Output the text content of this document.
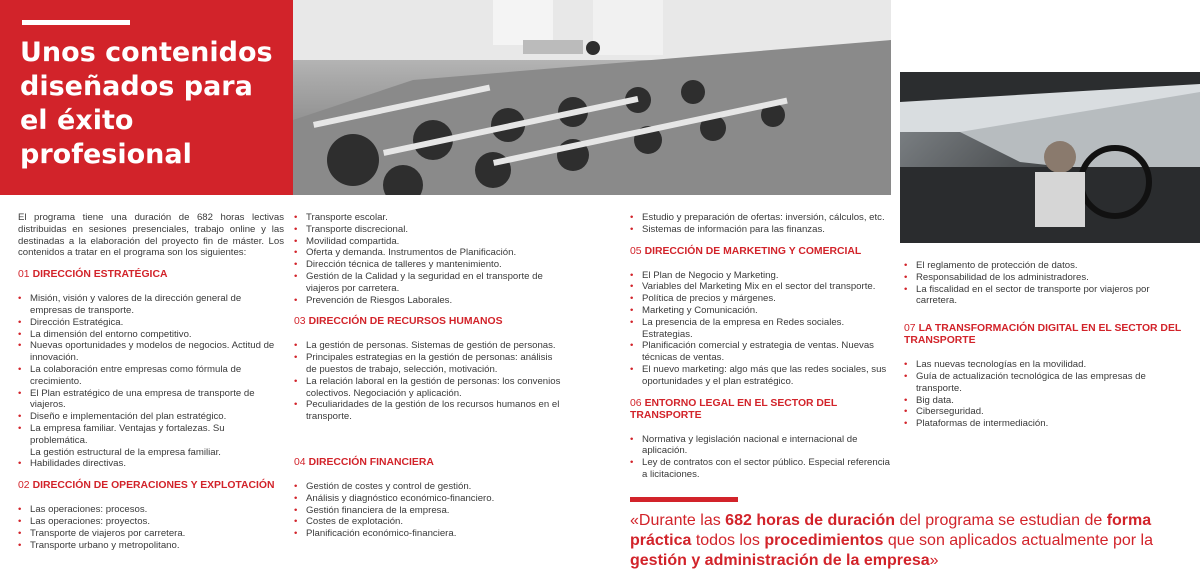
Unos contenidos diseñados para el éxito profesional

El programa tiene una duración de 682 horas lectivas distribuidas en sesiones presenciales, trabajo online y las destinadas a la elaboración del proyecto fin de máster. Los contenidos a tratar en el programa son los siguientes:

01 DIRECCIÓN ESTRATÉGICA
• Misión, visión y valores de la dirección general de empresas de transporte.
• Dirección Estratégica.
• La dimensión del entorno competitivo.
• Nuevas oportunidades y modelos de negocios. Actitud de innovación.
• La colaboración entre empresas como fórmula de crecimiento.
• El Plan estratégico de una empresa de transporte de viajeros.
• Diseño e implementación del plan estratégico.
• La empresa familiar. Ventajas y fortalezas. Su problemática.
La gestión estructural de la empresa familiar.
• Habilidades directivas.
02 DIRECCIÓN DE OPERACIONES Y EXPLOTACIÓN
• Las operaciones: procesos.
• Las operaciones: proyectos.
• Transporte de viajeros por carretera.
• Transporte urbano y metropolitano.
• Transporte escolar.
• Transporte discrecional.
• Movilidad compartida.
• Oferta y demanda. Instrumentos de Planificación.
• Dirección técnica de talleres y mantenimiento.
• Gestión de la Calidad y la seguridad en el transporte de viajeros por carretera.
• Prevención de Riesgos Laborales.
03 DIRECCIÓN DE RECURSOS HUMANOS
• La gestión de personas. Sistemas de gestión de personas.
• Principales estrategias en la gestión de personas: análisis de puestos de trabajo, selección, motivación.
• La relación laboral en la gestión de personas: los convenios colectivos. Negociación y aplicación.
• Peculiaridades de la gestión de los recursos humanos en el transporte.
04 DIRECCIÓN FINANCIERA
• Gestión de costes y control de gestión.
• Análisis y diagnóstico económico-financiero.
• Gestión financiera de la empresa.
• Costes de explotación.
• Planificación económico-financiera.
• Estudio y preparación de ofertas: inversión, cálculos, etc.
• Sistemas de información para las finanzas.
05 DIRECCIÓN DE MARKETING Y COMERCIAL
• El Plan de Negocio y Marketing.
• Variables del Marketing Mix en el sector del transporte.
• Política de precios y márgenes.
• Marketing y Comunicación.
• La presencia de la empresa en Redes sociales. Estrategias.
• Planificación comercial y estrategia de ventas. Nuevas técnicas de ventas.
• El nuevo marketing: algo más que las redes sociales, sus oportunidades y el plan estratégico.
06 ENTORNO LEGAL EN EL SECTOR DEL TRANSPORTE
• Normativa y legislación nacional e internacional de aplicación.
• Ley de contratos con el sector público. Especial referencia a licitaciones.
• El reglamento de protección de datos.
• Responsabilidad de los administradores.
• La fiscalidad en el sector de transporte por viajeros por carretera.
07 LA TRANSFORMACIÓN DIGITAL EN EL SECTOR DEL TRANSPORTE
• Las nuevas tecnologías en la movilidad.
• Guía de actualización tecnológica de las empresas de transporte.
• Big data.
• Ciberseguridad.
• Plataformas de intermediación.

«Durante las 682 horas de duración del programa se estudian de forma práctica todos los procedimientos que son aplicados actualmente por la gestión y administración de la empresa»
